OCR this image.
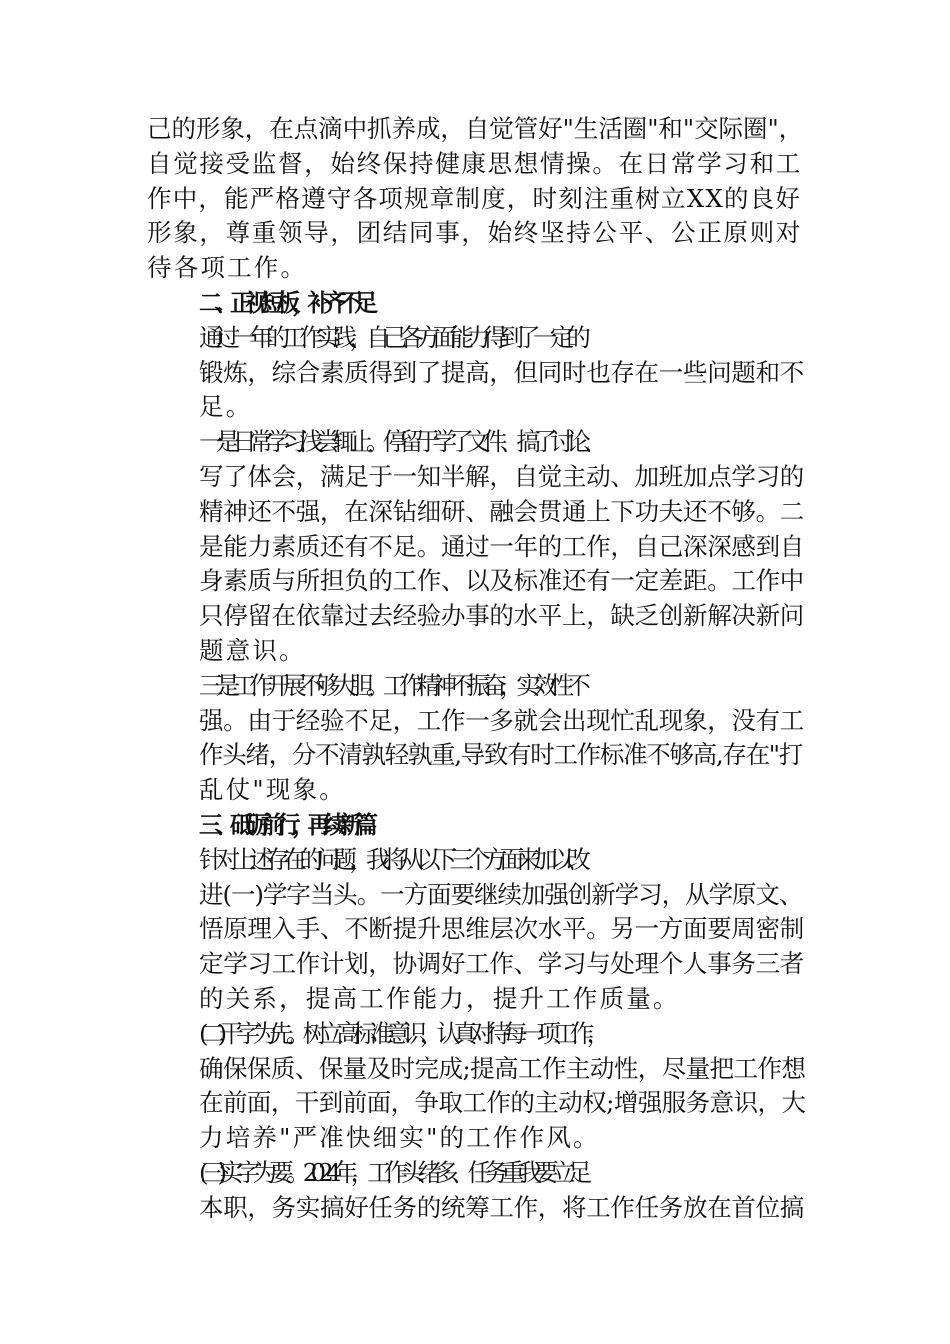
己的形象，在点滴中抓养成，自觉管好"生活圈"和"交际圈"，
自觉接受监督，始终保持健康思想情操。在日常学习和工
作中，能严格遵守各项规章制度，时刻注重树立XX的良好
形象，尊重领导，团结同事，始终坚持公平、公正原则对
待各项工作。
二、正视短板，补齐不足
通过一年的工作实践，自己各方面能力得到了一定的
锻炼，综合素质得到了提高，但同时也存在一些问题和不
足。
一是日常学习浅尝辄止。停留于学了文件、搞了讨论、
写了体会，满足于一知半解，自觉主动、加班加点学习的
精神还不强，在深钻细研、融会贯通上下功夫还不够。二
是能力素质还有不足。通过一年的工作，自己深深感到自
身素质与所担负的工作、以及标准还有一定差距。工作中
只停留在依靠过去经验办事的水平上，缺乏创新解决新问
题意识。
三是工作开展不够大胆。工作精神不振奋，实效性不
强。由于经验不足，工作一多就会出现忙乱现象，没有工
作头绪，分不清孰轻孰重,导致有时工作标准不够高,存在"打
乱仗"现象。
三、砥砺前行，再续新篇
针对上述存在的问题，我将从以下三个方面来加以改
进(一)学字当头。一方面要继续加强创新学习，从学原文、
悟原理入手、不断提升思维层次水平。另一方面要周密制
定学习工作计划，协调好工作、学习与处理个人事务三者
的关系，提高工作能力，提升工作质量。
(二)干字为先。树立高标准意识，认真对待每一项工作，
确保保质、保量及时完成;提高工作主动性，尽量把工作想
在前面，干到前面，争取工作的主动权;增强服务意识，大
力培养"严准快细实"的工作作风。
(三)实字为要。2024年，工作头绪多、任务重我要立足
本职，务实搞好任务的统筹工作，将工作任务放在首位搞
